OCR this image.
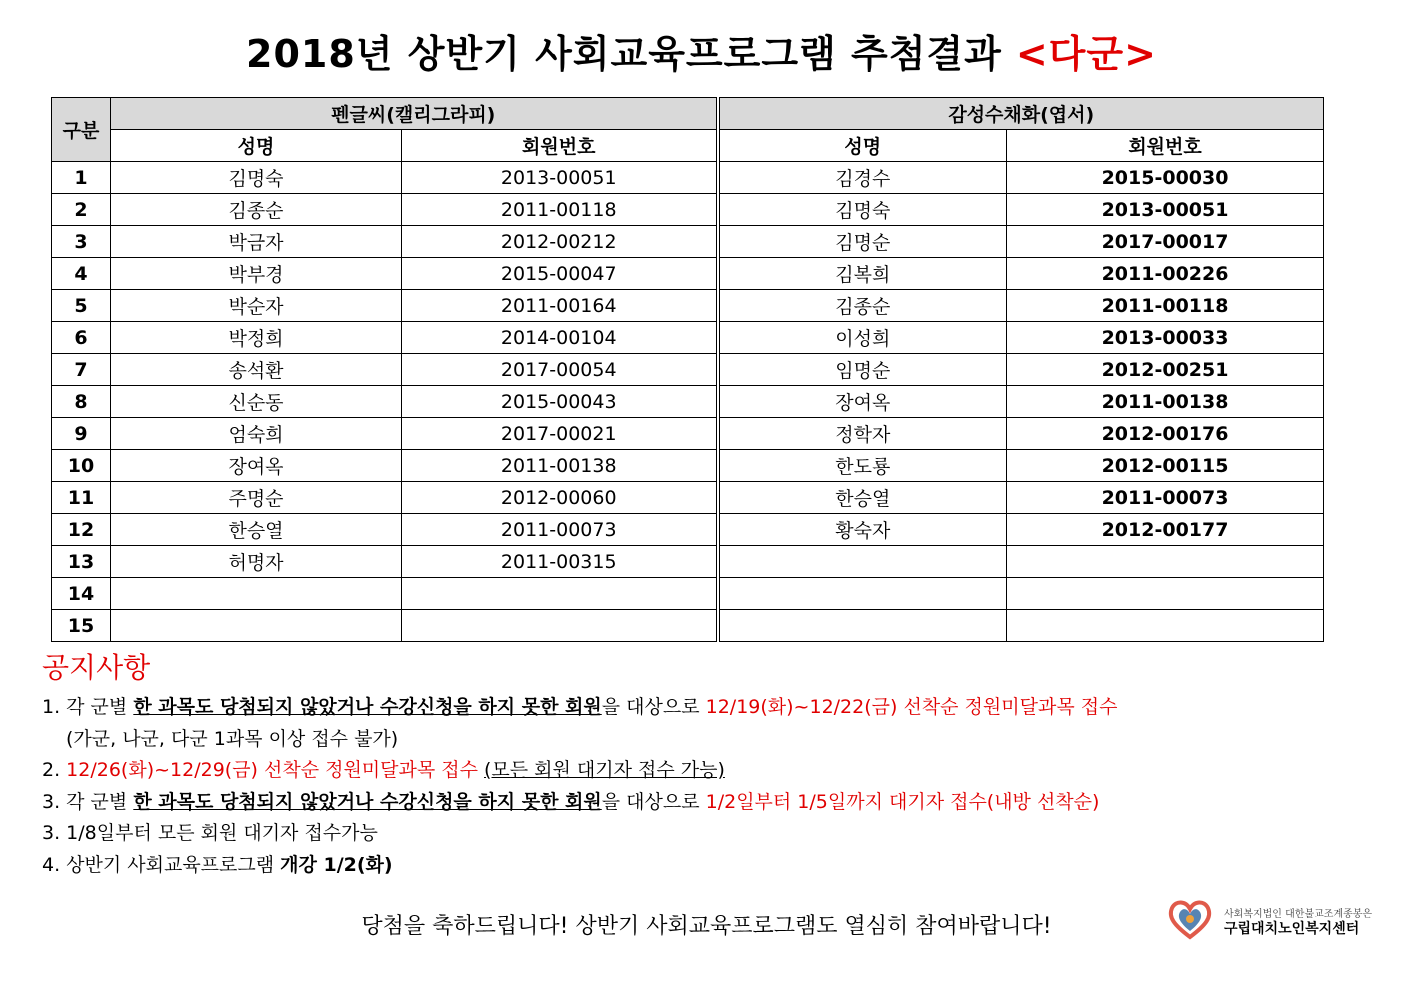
2018년 상반기 사회교육프로그램 추첨결과 <다군>
구분	펜글씨(캘리그라피)		감성수채화(엽서)	
	성명	회원번호	성명	회원번호
1	김명숙	2013-00051	김경수	2015-00030
2	김종순	2011-00118	김명숙	2013-00051
3	박금자	2012-00212	김명순	2017-00017
4	박부경	2015-00047	김복희	2011-00226
5	박순자	2011-00164	김종순	2011-00118
6	박정희	2014-00104	이성희	2013-00033
7	송석환	2017-00054	임명순	2012-00251
8	신순동	2015-00043	장여옥	2011-00138
9	엄숙희	2017-00021	정학자	2012-00176
10	장여옥	2011-00138	한도룡	2012-00115
11	주명순	2012-00060	한승열	2011-00073
12	한승열	2011-00073	황숙자	2012-00177
13	허명자	2011-00315		
14				
15				
공지사항
1. 각 군별 한 과목도 당첨되지 않았거나 수강신청을 하지 못한 회원을 대상으로 12/19(화)~12/22(금) 선착순 정원미달과목 접수
(가군, 나군, 다군 1과목 이상 접수 불가)
2. 12/26(화)~12/29(금) 선착순 정원미달과목 접수 (모든 회원 대기자 접수 가능)
3. 각 군별 한 과목도 당첨되지 않았거나 수강신청을 하지 못한 회원을 대상으로 1/2일부터 1/5일까지 대기자 접수(내방 선착순)
3. 1/8일부터 모든 회원 대기자 접수가능
4. 상반기 사회교육프로그램 개강 1/2(화)
당첨을 축하드립니다! 상반기 사회교육프로그램도 열심히 참여바랍니다!	사회복지법인 대한불교조계종봉은
구립대치노인복지센터
